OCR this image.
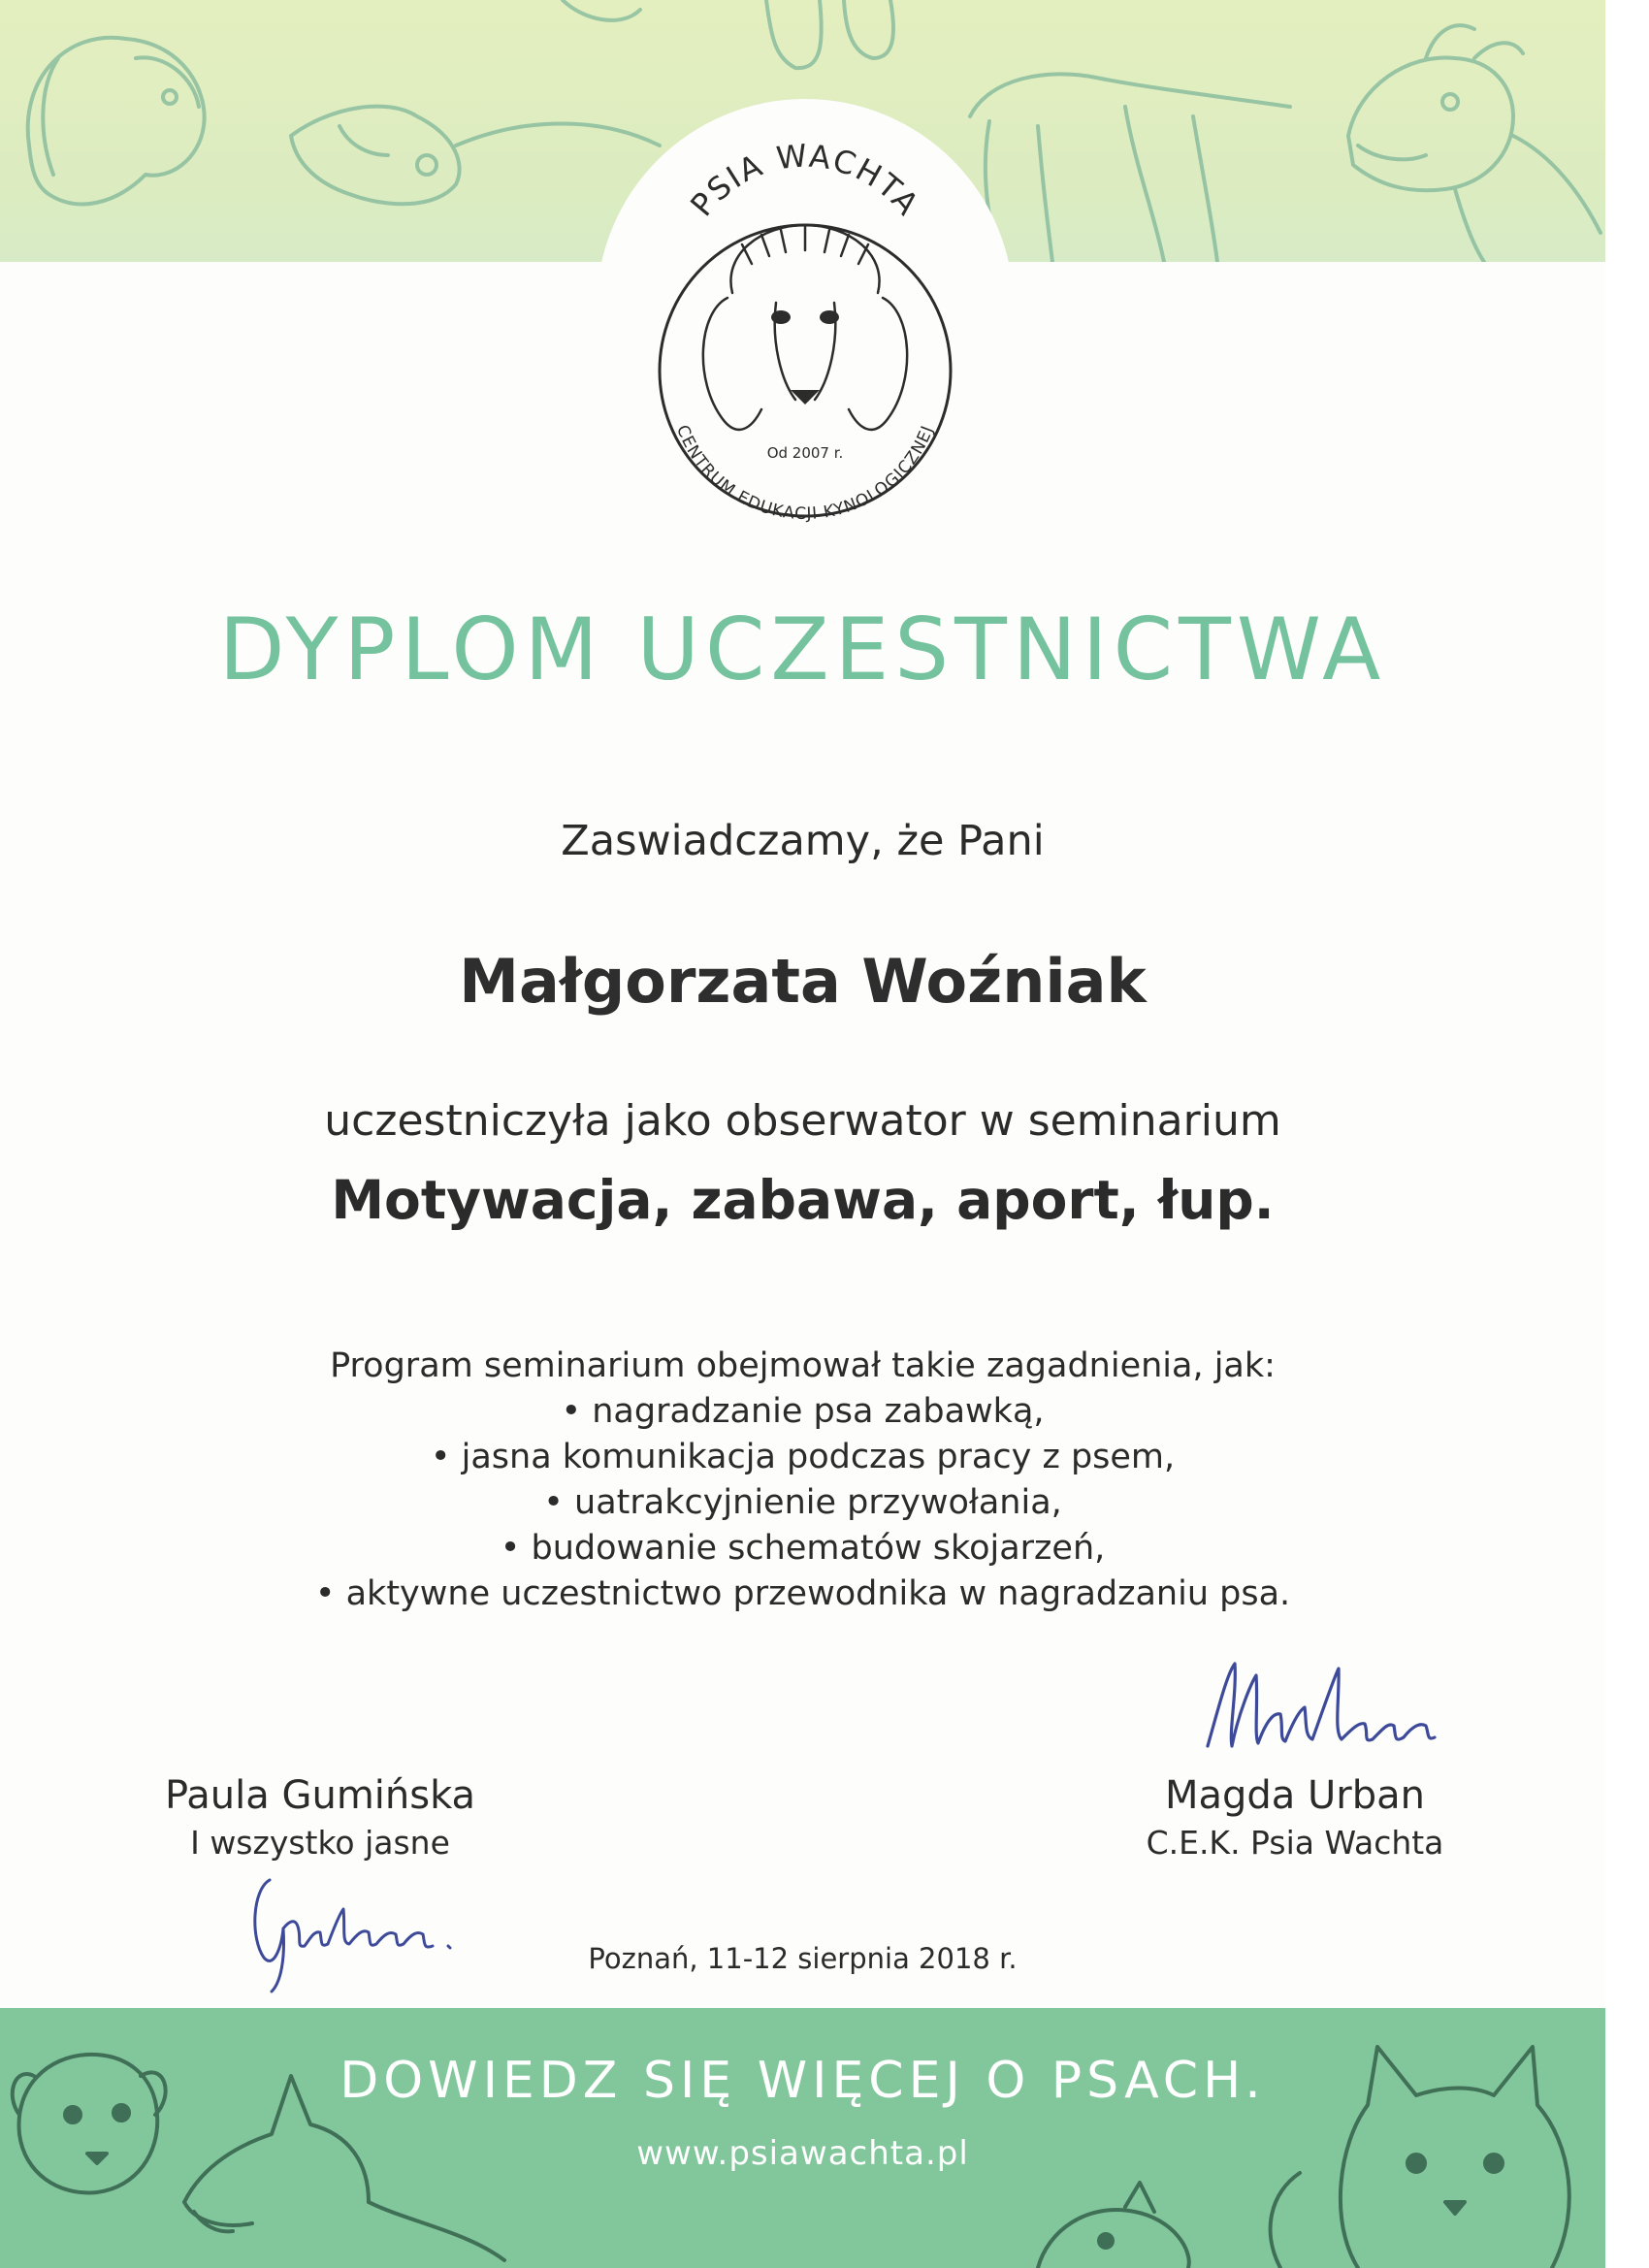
PSIA WACHTA
CENTRUM EDUKACJI KYNOLOGICZNEJ
Od 2007 r.
DYPLOM UCZESTNICTWA
Zaswiadczamy, że Pani
Małgorzata Woźniak
uczestniczyła jako obserwator w seminarium
Motywacja, zabawa, aport, łup.
Program seminarium obejmował takie zagadnienia, jak:
• nagradzanie psa zabawką,
• jasna komunikacja podczas pracy z psem,
• uatrakcyjnienie przywołania,
• budowanie schematów skojarzeń,
• aktywne uczestnictwo przewodnika w nagradzaniu psa.
Paula Gumińska
I wszystko jasne
Magda Urban
C.E.K. Psia Wachta
Poznań, 11-12 sierpnia 2018 r.
DOWIEDZ SIĘ WIĘCEJ O PSACH.
www.psiawachta.pl
